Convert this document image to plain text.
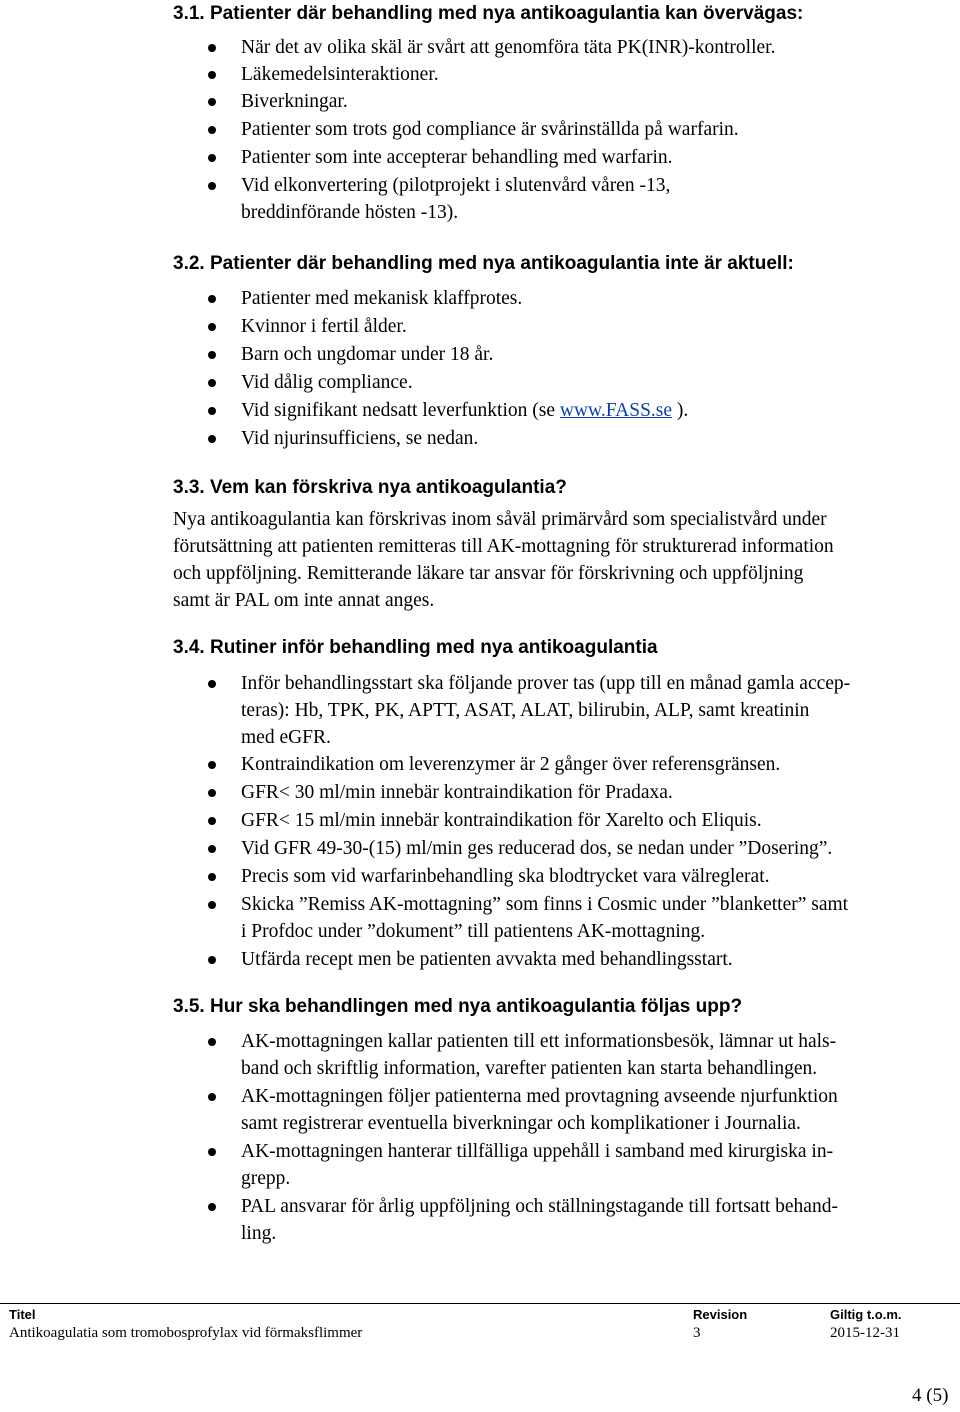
3.1. Patienter där behandling med nya antikoagulantia kan övervägas:
När det av olika skäl är svårt att genomföra täta PK(INR)-kontroller.
Läkemedelsinteraktioner.
Biverkningar.
Patienter som trots god compliance är svårinställda på warfarin.
Patienter som inte accepterar behandling med warfarin.
Vid elkonvertering (pilotprojekt i slutenvård våren -13,
breddinförande hösten -13).
3.2. Patienter där behandling med nya antikoagulantia inte är aktuell:
Patienter med mekanisk klaffprotes.
Kvinnor i fertil ålder.
Barn och ungdomar under 18 år.
Vid dålig compliance.
Vid signifikant nedsatt leverfunktion (se www.FASS.se ).
Vid njurinsufficiens, se nedan.
3.3. Vem kan förskriva nya antikoagulantia?
Nya antikoagulantia kan förskrivas inom såväl primärvård som specialistvård under
förutsättning att patienten remitteras till AK-mottagning för strukturerad information
och uppföljning. Remitterande läkare tar ansvar för förskrivning och uppföljning
samt är PAL om inte annat anges.
3.4. Rutiner inför behandling med nya antikoagulantia
Inför behandlingsstart ska följande prover tas (upp till en månad gamla accep-
teras): Hb, TPK, PK, APTT, ASAT, ALAT, bilirubin, ALP, samt kreatinin
med eGFR.
Kontraindikation om leverenzymer är 2 gånger över referensgränsen.
GFR< 30 ml/min innebär kontraindikation för Pradaxa.
GFR< 15 ml/min innebär kontraindikation för Xarelto och Eliquis.
Vid GFR 49-30-(15) ml/min ges reducerad dos, se nedan under ”Dosering”.
Precis som vid warfarinbehandling ska blodtrycket vara välreglerat.
Skicka ”Remiss AK-mottagning” som finns i Cosmic under ”blanketter” samt
i Profdoc under ”dokument” till patientens AK-mottagning.
Utfärda recept men be patienten avvakta med behandlingsstart.
3.5. Hur ska behandlingen med nya antikoagulantia följas upp?
AK-mottagningen kallar patienten till ett informationsbesök, lämnar ut hals-
band och skriftlig information, varefter patienten kan starta behandlingen.
AK-mottagningen följer patienterna med provtagning avseende njurfunktion
samt registrerar eventuella biverkningar och komplikationer i Journalia.
AK-mottagningen hanterar tillfälliga uppehåll i samband med kirurgiska in-
grepp.
PAL ansvarar för årlig uppföljning och ställningstagande till fortsatt behand-
ling.
Titel
Antikoagulatia som tromobosprofylax vid förmaksflimmer
Revision
3
Giltig t.o.m.
2015-12-31
4 (5)
